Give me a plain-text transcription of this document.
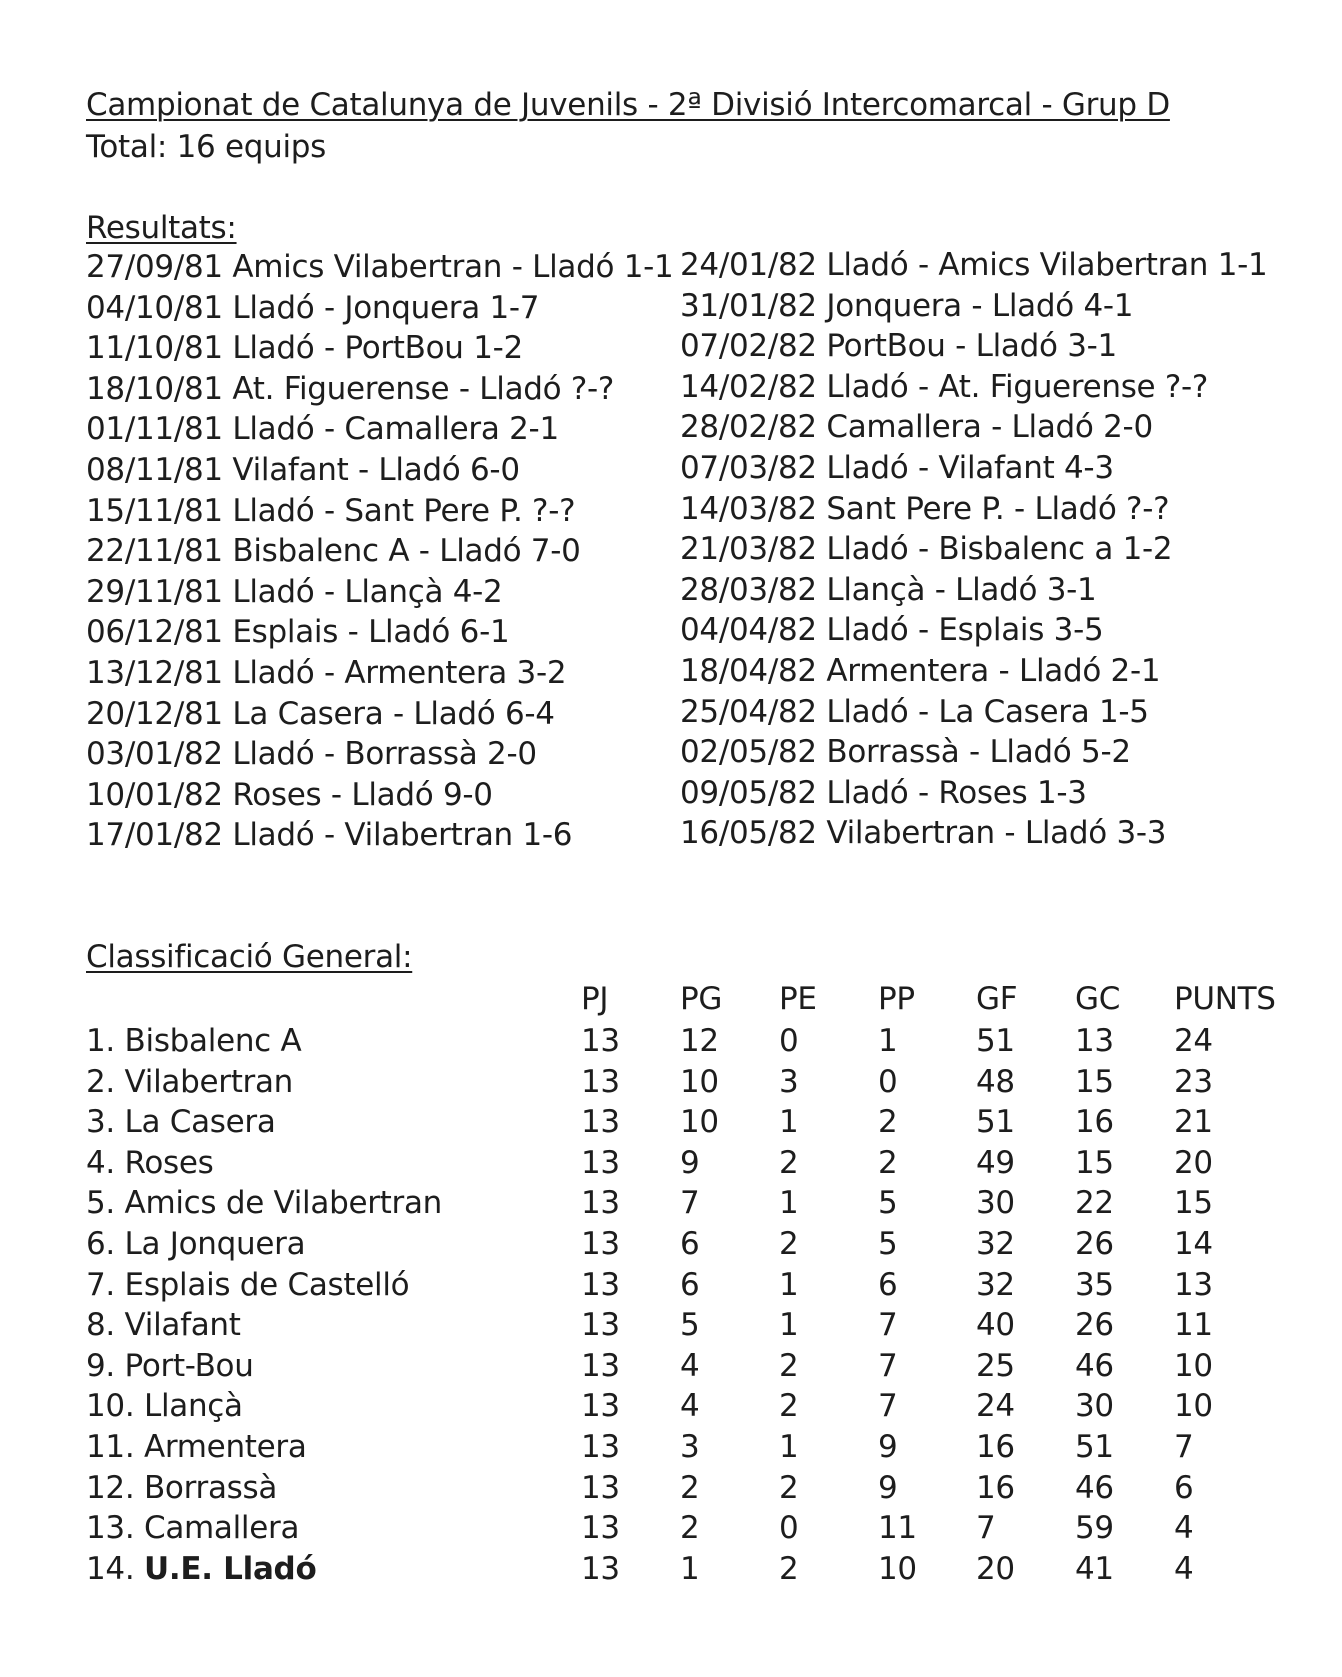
Campionat de Catalunya de Juvenils - 2ª Divisió Intercomarcal - Grup D
Total: 16 equips
Resultats:
27/09/81 Amics Vilabertran - Lladó 1-1
04/10/81 Lladó - Jonquera 1-7
11/10/81 Lladó - PortBou 1-2
18/10/81 At. Figuerense - Lladó ?-?
01/11/81 Lladó - Camallera 2-1
08/11/81 Vilafant - Lladó 6-0
15/11/81 Lladó - Sant Pere P. ?-?
22/11/81 Bisbalenc A - Lladó 7-0
29/11/81 Lladó - Llançà 4-2
06/12/81 Esplais - Lladó 6-1
13/12/81 Lladó - Armentera 3-2
20/12/81 La Casera - Lladó 6-4
03/01/82 Lladó - Borrassà 2-0
10/01/82 Roses - Lladó 9-0
17/01/82 Lladó - Vilabertran 1-6
24/01/82 Lladó - Amics Vilabertran 1-1
31/01/82 Jonquera - Lladó 4-1
07/02/82 PortBou - Lladó 3-1
14/02/82 Lladó - At. Figuerense ?-?
28/02/82 Camallera - Lladó 2-0
07/03/82 Lladó - Vilafant 4-3
14/03/82 Sant Pere P. - Lladó ?-?
21/03/82 Lladó - Bisbalenc a 1-2
28/03/82 Llançà - Lladó 3-1
04/04/82 Lladó - Esplais 3-5
18/04/82 Armentera - Lladó 2-1
25/04/82 Lladó - La Casera 1-5
02/05/82 Borrassà - Lladó 5-2
09/05/82 Lladó - Roses 1-3
16/05/82 Vilabertran - Lladó 3-3
Classificació General:
PJ PG PE PP GF GC PUNTS
1. Bisbalenc A	13 12 0	1	51 13 24
2. Vilabertran	13 10 3	0	48 15 23
3. La Casera	13 10 1	2	51 16 21
4. Roses	13 9	2	2	49 15 20
5. Amics de Vilabertran	13 7	1	5	30 22 15
6. La Jonquera	13 6	2	5	32 26 14
7. Esplais de Castelló	13 6	1	6	32 35 13
8. Vilafant	13 5	1	7	40 26 11
9. Port-Bou	13 4	2	7	25 46 10
10. Llançà	13 4	2	7	24 30 10
11. Armentera	13 3	1	9	16 51 7
12. Borrassà	13 2	2	9	16 46 6
13. Camallera	13 2	0	11 7	59 4
14. U.E. Lladó	13 1	2	10 20 41 4
